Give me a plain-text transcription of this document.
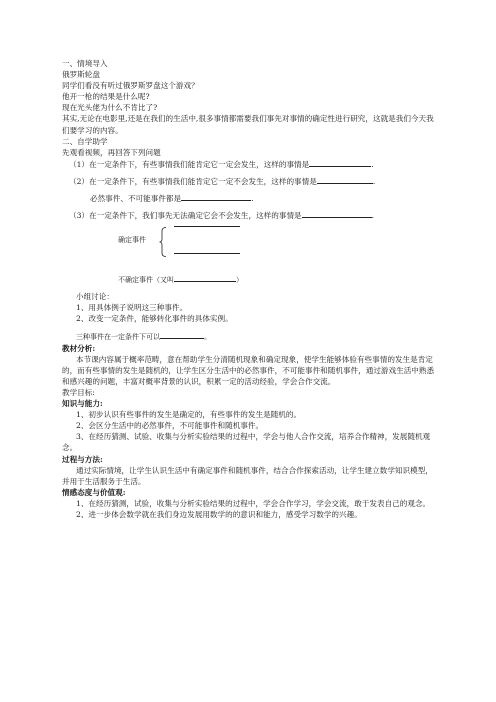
一、情境导入
俄罗斯轮盘
同学们看没有听过俄罗斯罗盘这个游戏？
他开一枪的结果是什么呢?
现在光头佬为什么不肯比了?
其实,无论在电影里,还是在我们的生活中,很多事情都需要我们事先对事情的确定性进行研究，这就是我们今天我们要学习的内容。
二、自学助学
先观看视频，再回答下列问题
（1）在一定条件下，有些事情我们能肯定它一定会发生，这样的事情是	.
（2）在一定条件下，有些事情我们能肯定它一定不会发生，这样的事情是	.
必然事件、不可能事件都是	.
（3）在一定条件下，我们事先无法确定它会不会发生，这样的事情是	.
确定事件
不确定事件（又叫	）
小组讨论：
1、用具体例子说明这三种事件。
2、改变一定条件，能够转化事件的具体实例。
三种事件在一定条件下可以	。
教材分析:
本节课内容属于概率范畴，意在帮助学生分清随机现象和确定现象，使学生能够体验有些事情的发生是肯定的，而有些事情的发生是随机的，让学生区分生活中的必然事件，不可能事件和随机事件，通过游戏生活中熟悉和感兴趣的问题，丰富对概率背景的认识，积累一定的活动经验，学会合作交流。
教学目标:
知识与能力:
1、初步认识有些事件的发生是确定的，有些事件的发生是随机的。
2、会区分生活中的必然事件，不可能事件和随机事件。
3、在经历猜测、试验、收集与分析实验结果的过程中，学会与他人合作交流，培养合作精神，发展随机观念。
过程与方法:
通过实际情境，让学生认识生活中有确定事件和随机事件，结合合作探索活动，让学生建立数学知识模型，并用于生活服务于生活。
情感态度与价值观:
1、在经历猜测，试验，收集与分析实验结果的过程中，学会合作学习，学会交流，敢于发表自己的观念。
2、进一步体会数学就在我们身边发展用数学的的意识和能力，感受学习数学的兴趣。
